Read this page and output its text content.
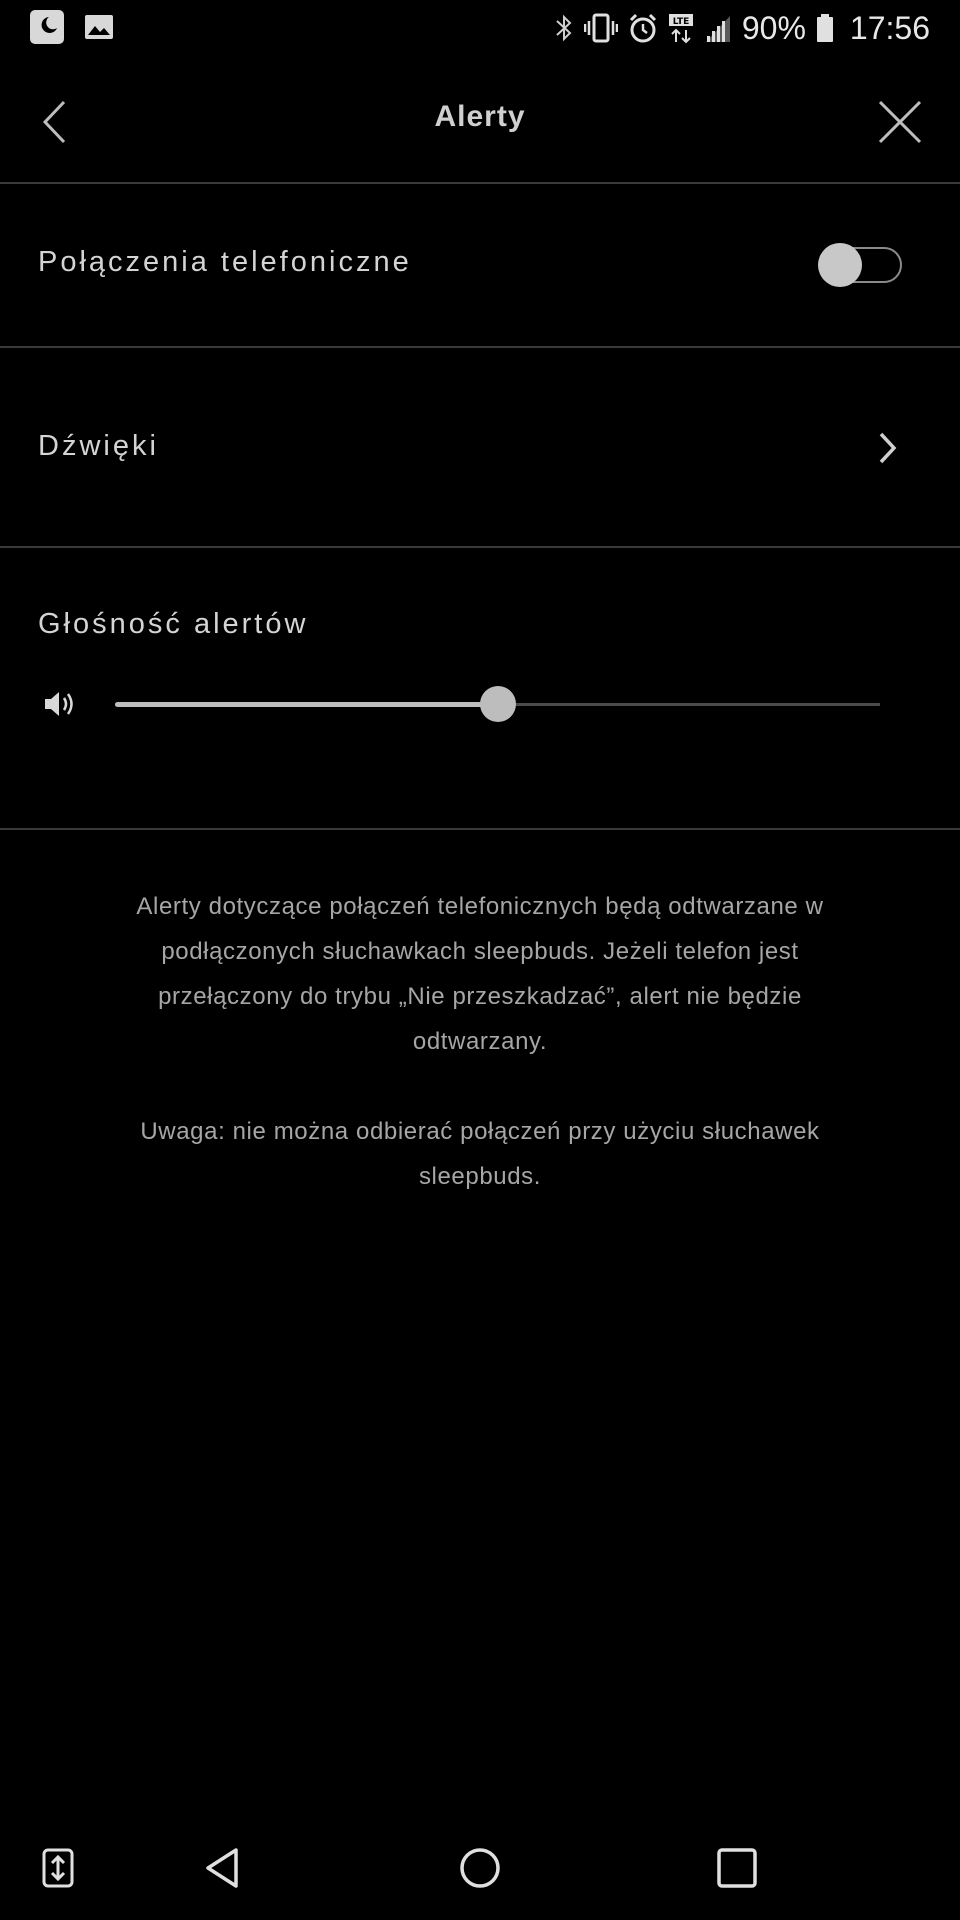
LTE 90% 17:56
Alerty
Połączenia telefoniczne
Dźwięki
Głośność alertów

Alerty dotyczące połączeń telefonicznych będą odtwarzane w podłączonych słuchawkach sleepbuds. Jeżeli telefon jest przełączony do trybu „Nie przeszkadzać”, alert nie będzie odtwarzany.

Uwaga: nie można odbierać połączeń przy użyciu słuchawek sleepbuds.
